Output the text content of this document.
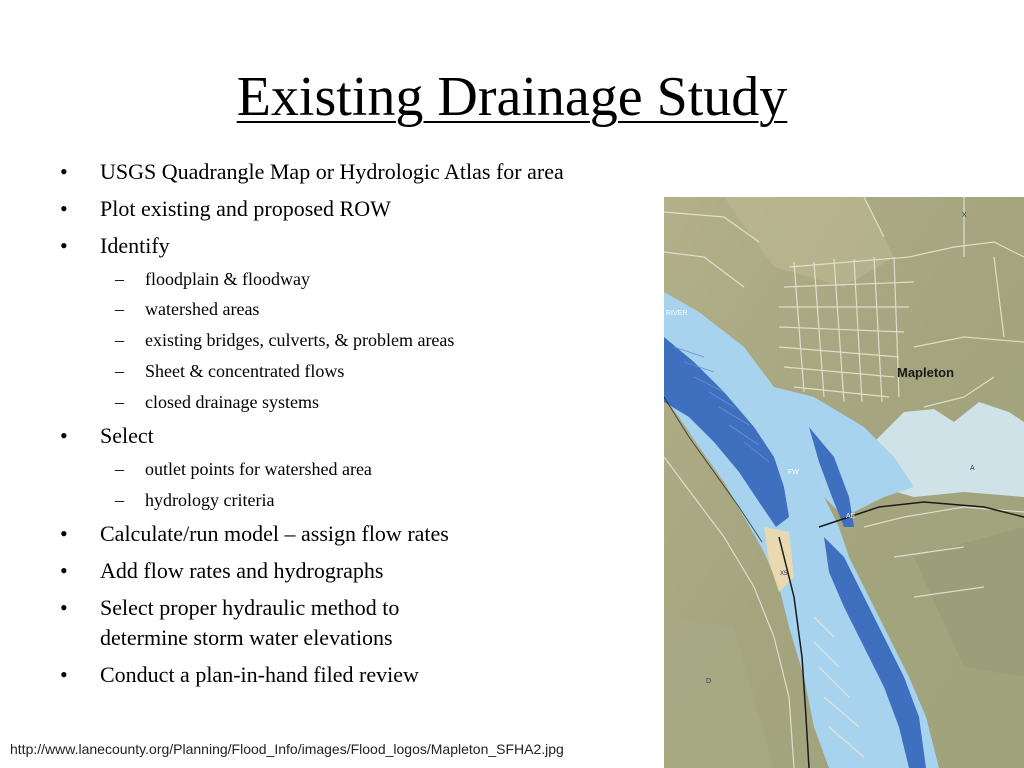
Existing Drainage Study
• USGS Quadrangle Map or Hydrologic Atlas for area
• Plot existing and proposed ROW
• Identify
– floodplain & floodway
– watershed areas
– existing bridges, culverts, & problem areas
– Sheet & concentrated flows
– closed drainage systems
• Select
– outlet points for watershed area
– hydrology criteria
• Calculate/run model – assign flow rates
• Add flow rates and hydrographs
• Select proper hydraulic method to
determine storm water elevations
• Conduct a plan-in-hand filed review
Mapleton
RIVER
FW
AE
A
X
D
X5
http://www.lanecounty.org/Planning/Flood_Info/images/Flood_logos/Mapleton_SFHA2.jpg
